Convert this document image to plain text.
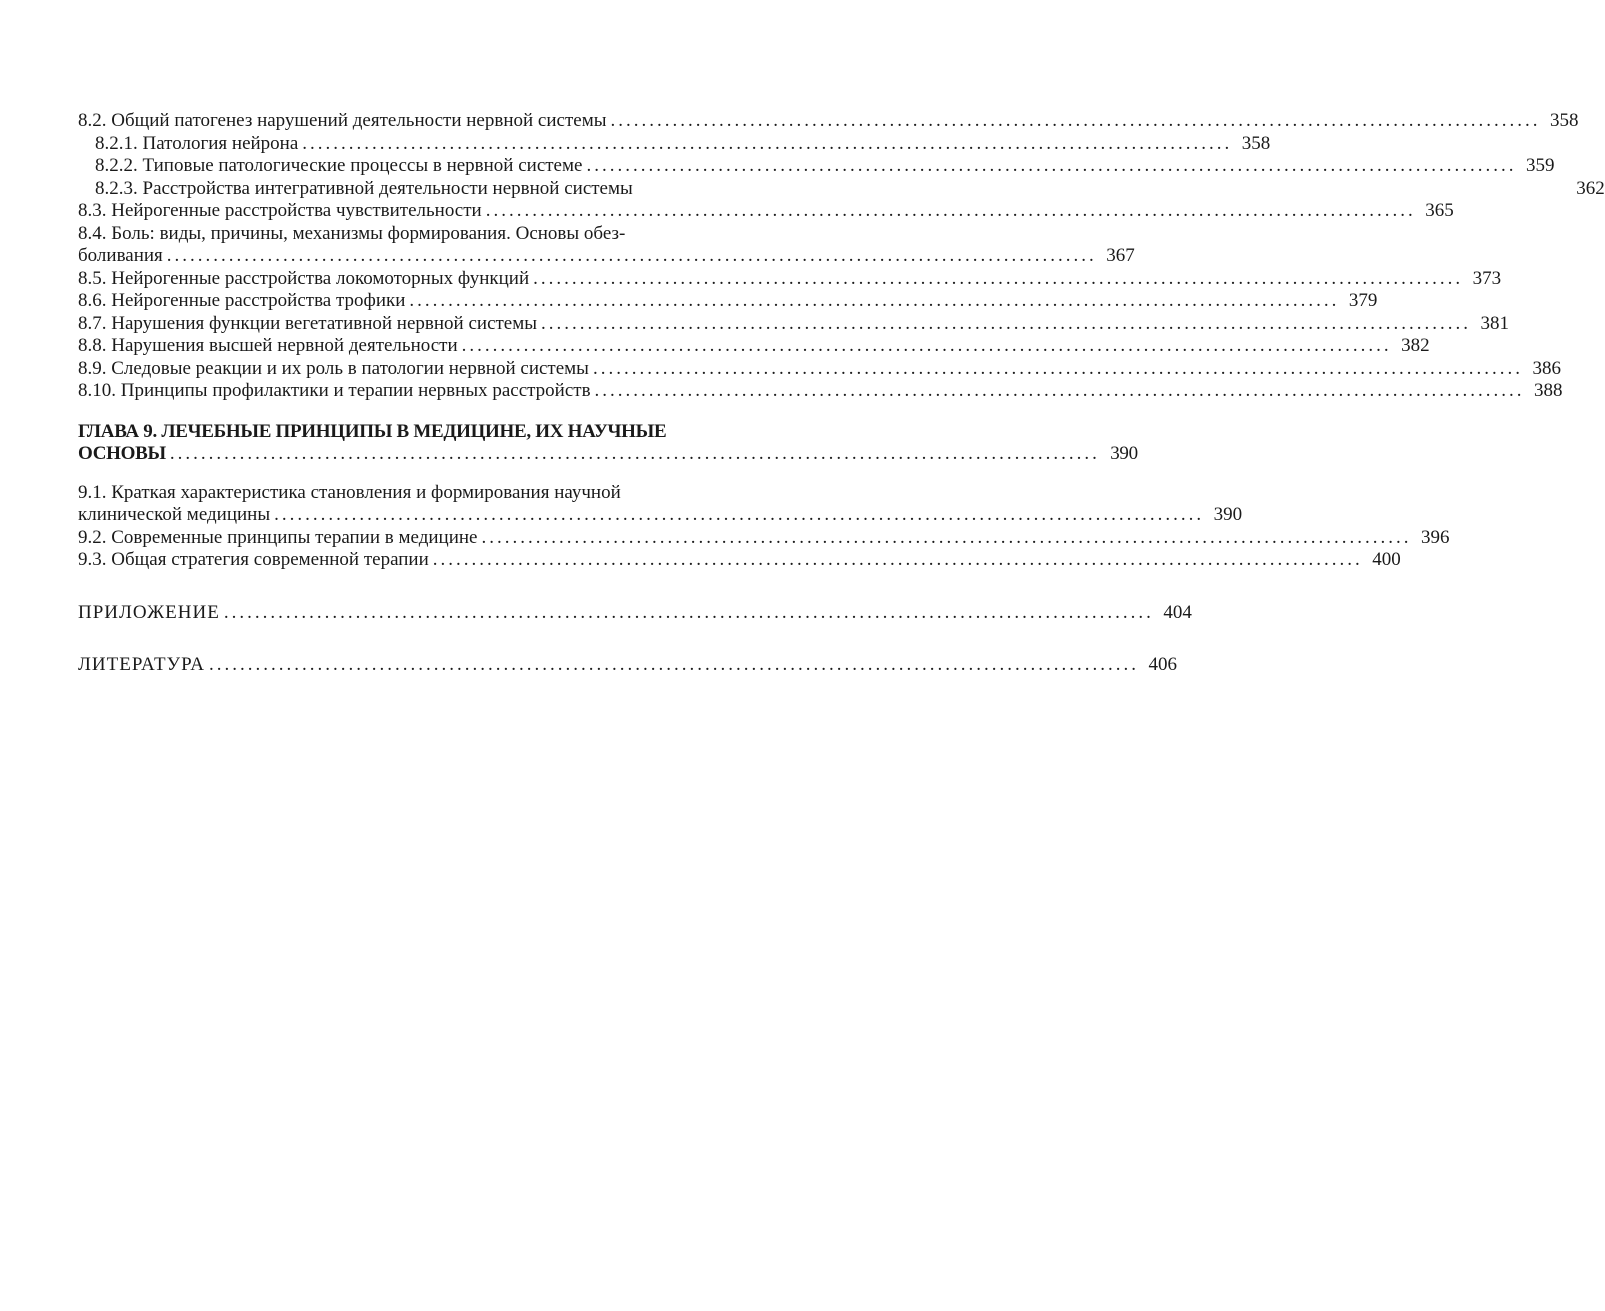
8.2. Общий патогенез нарушений деятельности нервной системы ........................................................................................................................ 358
8.2.1. Патология нейрона ........................................................................................................................ 358
8.2.2. Типовые патологические процессы в нервной системе ........................................................................................................................ 359
8.2.3. Расстройства интегративной деятельности нервной системы	362
8.3. Нейрогенные расстройства чувствительности ........................................................................................................................ 365
8.4. Боль: виды, причины, механизмы формирования. Основы обез-
боливания ........................................................................................................................ 367
8.5. Нейрогенные расстройства локомоторных функций ........................................................................................................................ 373
8.6. Нейрогенные расстройства трофики ........................................................................................................................ 379
8.7. Нарушения функции вегетативной нервной системы ........................................................................................................................ 381
8.8. Нарушения высшей нервной деятельности ........................................................................................................................ 382
8.9. Следовые реакции и их роль в патологии нервной системы ........................................................................................................................ 386
8.10. Принципы профилактики и терапии нервных расстройств ........................................................................................................................ 388
ГЛАВА 9. ЛЕЧЕБНЫЕ ПРИНЦИПЫ В МЕДИЦИНЕ, ИХ НАУЧНЫЕ
ОСНОВЫ ........................................................................................................................ 390
9.1. Краткая характеристика становления и формирования научной
клинической медицины ........................................................................................................................ 390
9.2. Современные принципы терапии в медицине ........................................................................................................................ 396
9.3. Общая стратегия современной терапии ........................................................................................................................ 400
ПРИЛОЖЕНИЕ ........................................................................................................................ 404
ЛИТЕРАТУРА ........................................................................................................................ 406
